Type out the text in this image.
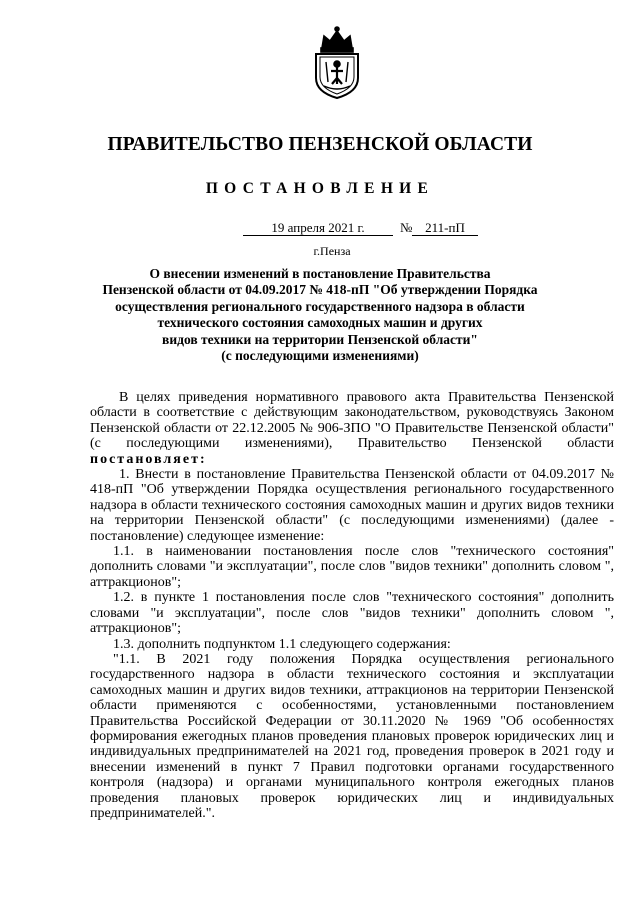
ПРАВИТЕЛЬСТВО ПЕНЗЕНСКОЙ ОБЛАСТИ
ПОСТАНОВЛЕНИЕ
19 апреля 2021 г.	№ 211-пП
г.Пенза
О внесении изменений в постановление Правительства
Пензенской области от 04.09.2017 № 418-пП "Об утверждении Порядка
осуществления регионального государственного надзора в области
технического состояния самоходных машин и других
видов техники на территории Пензенской области"
(с последующими изменениями)

В целях приведения нормативного правового акта Правительства Пензенской области в соответствие с действующим законодательством, руководствуясь Законом Пензенской области от 22.12.2005 № 906-ЗПО "О Правительстве Пензенской области" (с последующими изменениями), Правительство Пензенской области постановляет:

1. Внести в постановление Правительства Пензенской области от 04.09.2017 № 418-пП "Об утверждении Порядка осуществления регионального государственного надзора в области технического состояния самоходных машин и других видов техники на территории Пензенской области" (с последующими изменениями) (далее - постановление) следующее изменение:

1.1. в наименовании постановления после слов "технического состояния" дополнить словами "и эксплуатации", после слов "видов техники" дополнить словом ", аттракционов";

1.2. в пункте 1 постановления после слов "технического состояния" дополнить словами "и эксплуатации", после слов "видов техники" дополнить словом ", аттракционов";

1.3. дополнить подпунктом 1.1 следующего содержания:

"1.1. В 2021 году положения Порядка осуществления регионального государственного надзора в области технического состояния и эксплуатации самоходных машин и других видов техники, аттракционов на территории Пензенской области применяются с особенностями, установленными постановлением Правительства Российской Федерации от 30.11.2020 № 1969 "Об особенностях формирования ежегодных планов проведения плановых проверок юридических лиц и индивидуальных предпринимателей на 2021 год, проведения проверок в 2021 году и внесении изменений в пункт 7 Правил подготовки органами государственного контроля (надзора) и органами муниципального контроля ежегодных планов проведения плановых проверок юридических лиц и индивидуальных предпринимателей.".
